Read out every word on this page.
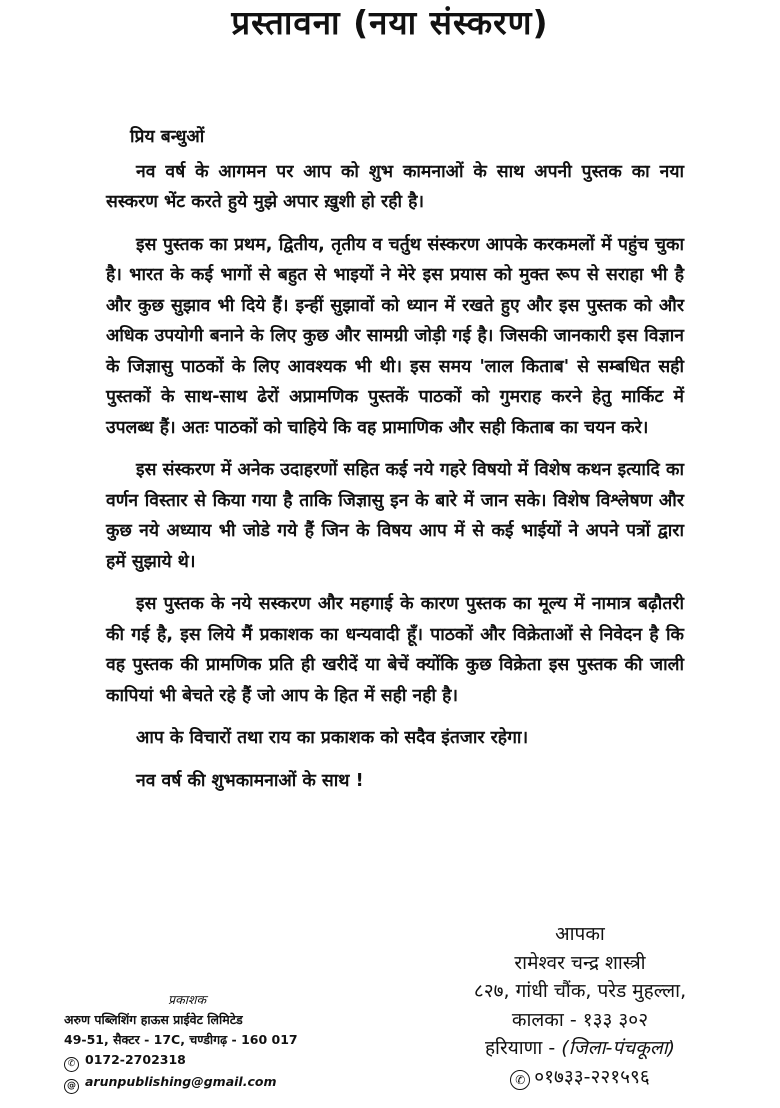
प्रस्तावना (नया संस्करण)
प्रिय बन्धुओं

नव वर्ष के आगमन पर आप को शुभ कामनाओं के साथ अपनी पुस्तक का नया सस्करण भेंट करते हुये मुझे अपार ख़ुशी हो रही है।

इस पुस्तक का प्रथम, द्वितीय, तृतीय व चर्तुथ संस्करण आपके करकमलों में पहुंच चुका है। भारत के कई भागों से बहुत से भाइयों ने मेरे इस प्रयास को मुक्त रूप से सराहा भी है और कुछ सुझाव भी दिये हैं। इन्हीं सुझावों को ध्यान में रखते हुए और इस पुस्तक को और अधिक उपयोगी बनाने के लिए कुछ और सामग्री जोड़ी गई है। जिसकी जानकारी इस विज्ञान के जिज्ञासु पाठकों के लिए आवश्यक भी थी। इस समय 'लाल किताब' से सम्बधित सही पुस्तकों के साथ-साथ ढेरों अप्रामणिक पुस्तकें पाठकों को गुमराह करने हेतु मार्किट में उपलब्ध हैं। अतः पाठकों को चाहिये कि वह प्रामाणिक और सही किताब का चयन करे।

इस संस्करण में अनेक उदाहरणों सहित कई नये गहरे विषयो में विशेष कथन इत्यादि का वर्णन विस्तार से किया गया है ताकि जिज्ञासु इन के बारे में जान सके। विशेष विश्लेषण और कुछ नये अध्याय भी जोडे गये हैं जिन के विषय आप में से कई भाईयों ने अपने पत्रों द्वारा हमें सुझाये थे।

इस पुस्तक के नये सस्करण और महगाई के कारण पुस्तक का मूल्य में नामात्र बढ़ौतरी की गई है, इस लिये मैं प्रकाशक का धन्यवादी हूँ। पाठकों और विक्रेताओं से निवेदन है कि वह पुस्तक की प्रामणिक प्रति ही खरीदें या बेचें क्योंकि कुछ विक्रेता इस पुस्तक की जाली कापियां भी बेचते रहे हैं जो आप के हित में सही नही है।

आप के विचारों तथा राय का प्रकाशक को सदैव इंतजार रहेगा।
नव वर्ष की शुभकामनाओं के साथ !
आपका
रामेश्वर चन्द्र शास्त्री
८२७, गांधी चौंक, परेड मुहल्ला,
कालका - १३३ ३०२
हरियाणा - (जिला-पंचकूला)
✆ ०१७३३-२२१५९६
प्रकाशक
अरुण पब्लिशिंग हाऊस प्राईवेट लिमिटेड
49-51, सैक्टर - 17C, चण्डीगढ़ - 160 017
✆ 0172-2702318
@ arunpublishing@gmail.com
